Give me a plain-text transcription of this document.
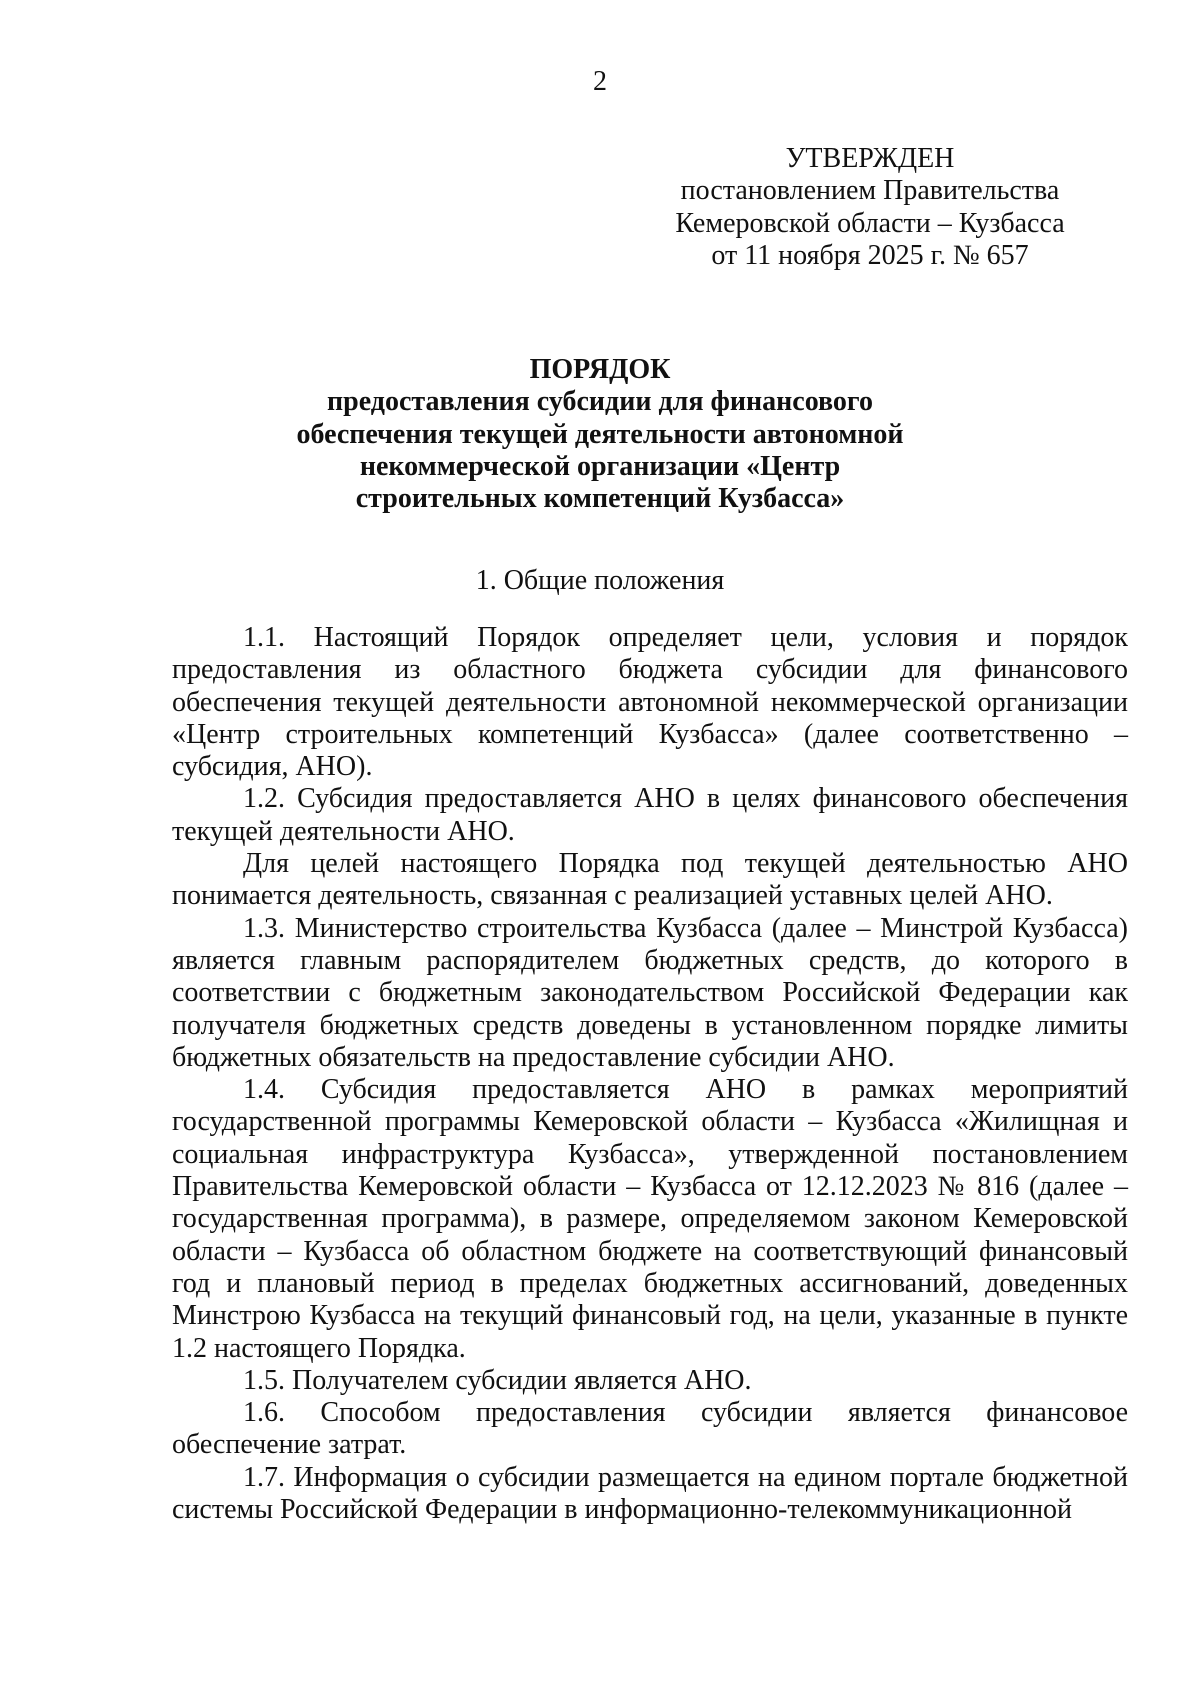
2
УТВЕРЖДЕН
постановлением Правительства
Кемеровской области – Кузбасса
от 11 ноября 2025 г. № 657
ПОРЯДОК
предоставления субсидии для финансового
обеспечения текущей деятельности автономной
некоммерческой организации «Центр
строительных компетенций Кузбасса»
1. Общие положения

1.1. Настоящий Порядок определяет цели, условия и порядок предоставления из областного бюджета субсидии для финансового обеспечения текущей деятельности автономной некоммерческой организации «Центр строительных компетенций Кузбасса» (далее соответственно – субсидия, АНО).

1.2. Субсидия предоставляется АНО в целях финансового обеспечения текущей деятельности АНО.

Для целей настоящего Порядка под текущей деятельностью АНО понимается деятельность, связанная с реализацией уставных целей АНО.

1.3. Министерство строительства Кузбасса (далее – Минстрой Кузбасса) является главным распорядителем бюджетных средств, до которого в соответствии с бюджетным законодательством Российской Федерации как получателя бюджетных средств доведены в установленном порядке лимиты бюджетных обязательств на предоставление субсидии АНО.

1.4. Субсидия предоставляется АНО в рамках мероприятий государственной программы Кемеровской области – Кузбасса «Жилищная и социальная инфраструктура Кузбасса», утвержденной постановлением Правительства Кемеровской области – Кузбасса от 12.12.2023 № 816 (далее – государственная программа), в размере, определяемом законом Кемеровской области – Кузбасса об областном бюджете на соответствующий финансовый год и плановый период в пределах бюджетных ассигнований, доведенных Минстрою Кузбасса на текущий финансовый год, на цели, указанные в пункте 1.2 настоящего Порядка.

1.5. Получателем субсидии является АНО.

1.6. Способом предоставления субсидии является финансовое обеспечение затрат.

1.7. Информация о субсидии размещается на едином портале бюджетной системы Российской Федерации в информационно-телекоммуникационной
